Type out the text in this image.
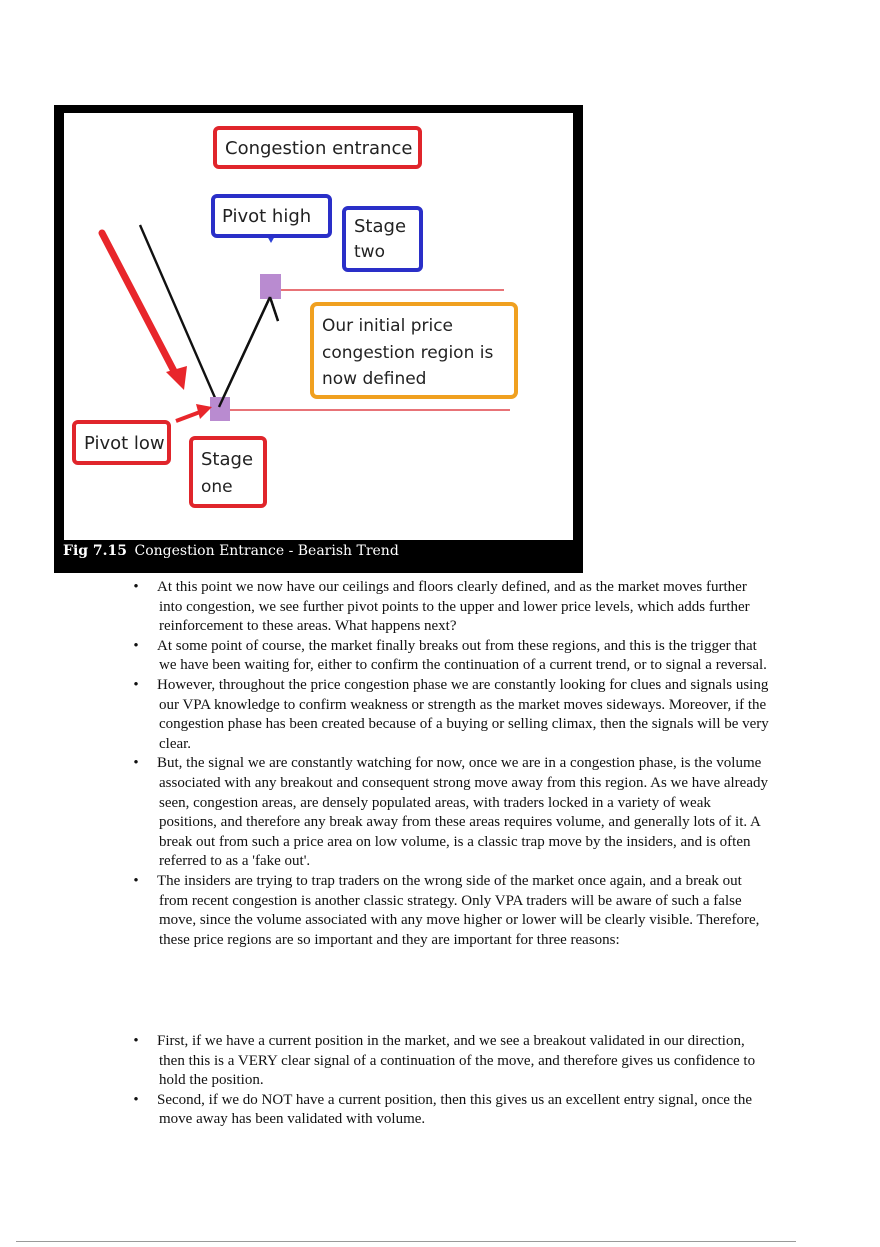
Congestion entrance
Pivot high Stage
two
Our initial price
congestion region is
now defined
Pivot low
Stage
one
Fig 7.15 Congestion Entrance - Bearish Trend
• At this point we now have our ceilings and floors clearly defined, and as the market moves further into congestion, we see further pivot points to the upper and lower price levels, which adds further reinforcement to these areas. What happens next?
• At some point of course, the market finally breaks out from these regions, and this is the trigger that we have been waiting for, either to confirm the continuation of a current trend, or to signal a reversal.
• However, throughout the price congestion phase we are constantly looking for clues and signals using our VPA knowledge to confirm weakness or strength as the market moves sideways. Moreover, if the congestion phase has been created because of a buying or selling climax, then the signals will be very clear.
• But, the signal we are constantly watching for now, once we are in a congestion phase, is the volume associated with any breakout and consequent strong move away from this region. As we have already seen, congestion areas, are densely populated areas, with traders locked in a variety of weak positions, and therefore any break away from these areas requires volume, and generally lots of it. A break out from such a price area on low volume, is a classic trap move by the insiders, and is often referred to as a 'fake out'.
• The insiders are trying to trap traders on the wrong side of the market once again, and a break out from recent congestion is another classic strategy. Only VPA traders will be aware of such a false move, since the volume associated with any move higher or lower will be clearly visible. Therefore, these price regions are so important and they are important for three reasons:
• First, if we have a current position in the market, and we see a breakout validated in our direction, then this is a VERY clear signal of a continuation of the move, and therefore gives us confidence to hold the position.
• Second, if we do NOT have a current position, then this gives us an excellent entry signal, once the move away has been validated with volume.
